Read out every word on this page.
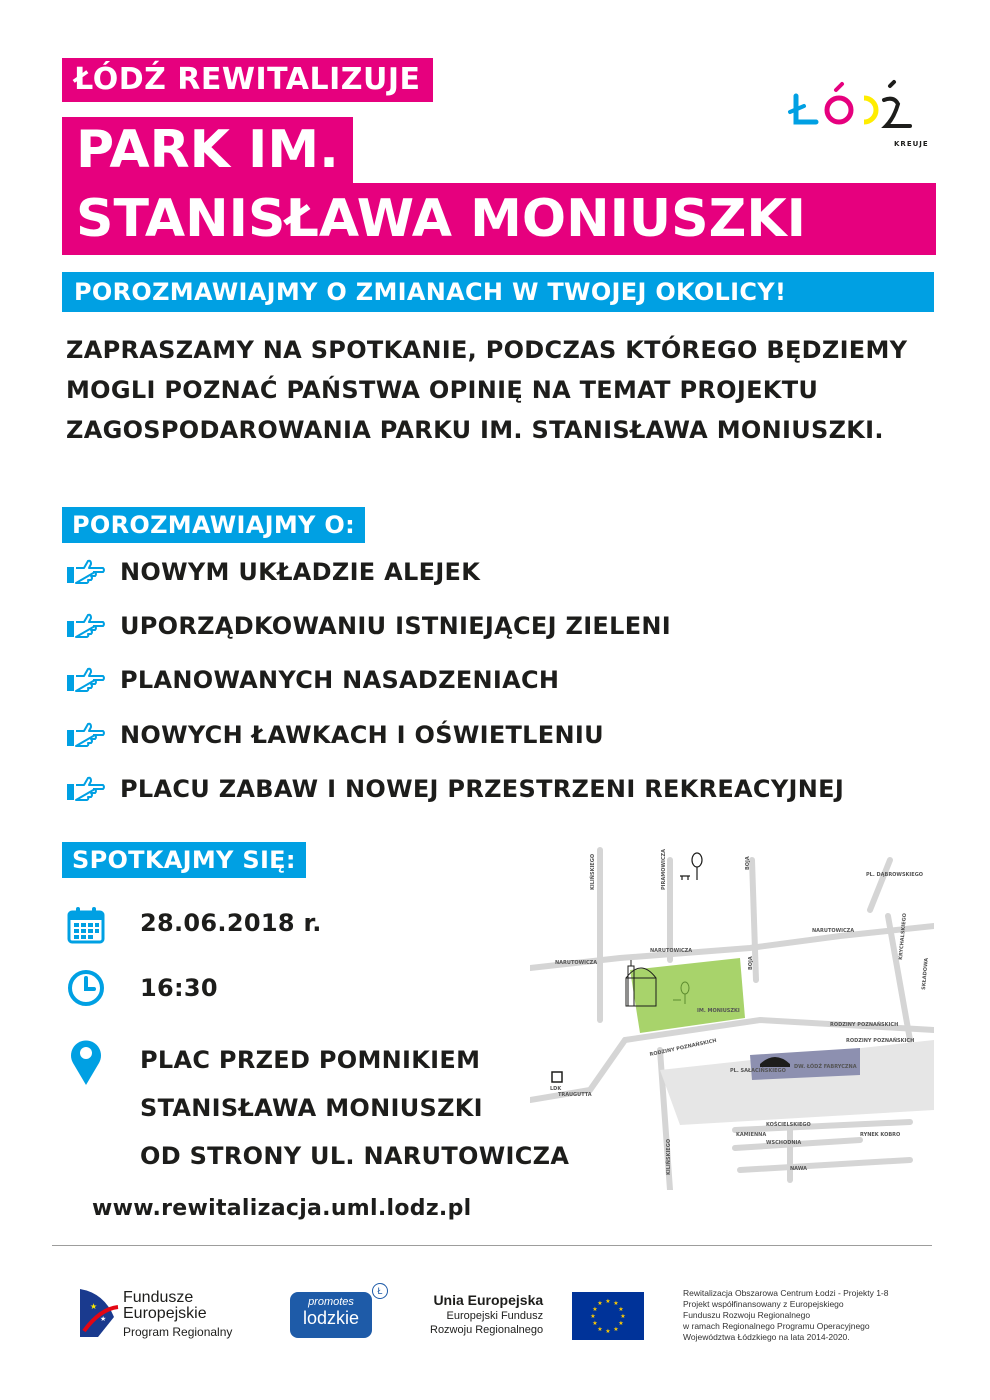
ŁÓDŹ REWITALIZUJE
PARK IM.
STANISŁAWA MONIUSZKI
POROZMAWIAJMY O ZMIANACH W TWOJEJ OKOLICY!
KREUJE

ZAPRASZAMY NA SPOTKANIE, PODCZAS KTÓREGO BĘDZIEMY

MOGLI POZNAĆ PAŃSTWA OPINIĘ NA TEMAT PROJEKTU

ZAGOSPODAROWANIA PARKU IM. STANISŁAWA MONIUSZKI.

POROZMAWIAJMY O:
NOWYM UKŁADZIE ALEJEK
UPORZĄDKOWANIU ISTNIEJĄCEJ ZIELENI
PLANOWANYCH NASADZENIACH
NOWYCH ŁAWKACH I OŚWIETLENIU
PLACU ZABAW I NOWEJ PRZESTRZENI REKREACYJNEJ
SPOTKAJMY SIĘ:
28.06.2018 r.
16:30

PLAC PRZED POMNIKIEM

STANISŁAWA MONIUSZKI

OD STRONY UL. NARUTOWICZA

IM. MONIUSZKI
DW. ŁÓDŹ FABRYCZNA
NARUTOWICZA
NARUTOWICZA
NARUTOWICZA
KILIŃSKIEGO
KILIŃSKIEGO
PIRAMOWICZA	BOJA
BOJA
KRYCHALSKIEGO
SKŁADOWA
PL. DĄBROWSKIEGO
RODZINY POZNAŃSKICH
RODZINY POZNAŃSKICH	RODZINY POZNAŃSKICH
TRAUGUTTA
PL. SAŁACIŃSKIEGO
KOŚCIELSKIEGO
WSCHODNIA
KAMIENNA	RYNEK KOBRO
LDK
NAWA
www.rewitalizacja.uml.lodz.pl
★
★
Fundusze
Europejskie
Program Regionalny
promotes
lodzkie
Ł
Unia Europejska
Europejski Fundusz
Rozwoju Regionalnego
★ ★
★
★
★
★
★
★
★
★
★
★
Rewitalizacja Obszarowa Centrum Łodzi - Projekty 1-8
Projekt współfinansowany z Europejskiego
Funduszu Rozwoju Regionalnego
w ramach Regionalnego Programu Operacyjnego
Województwa Łódzkiego na lata 2014-2020.
